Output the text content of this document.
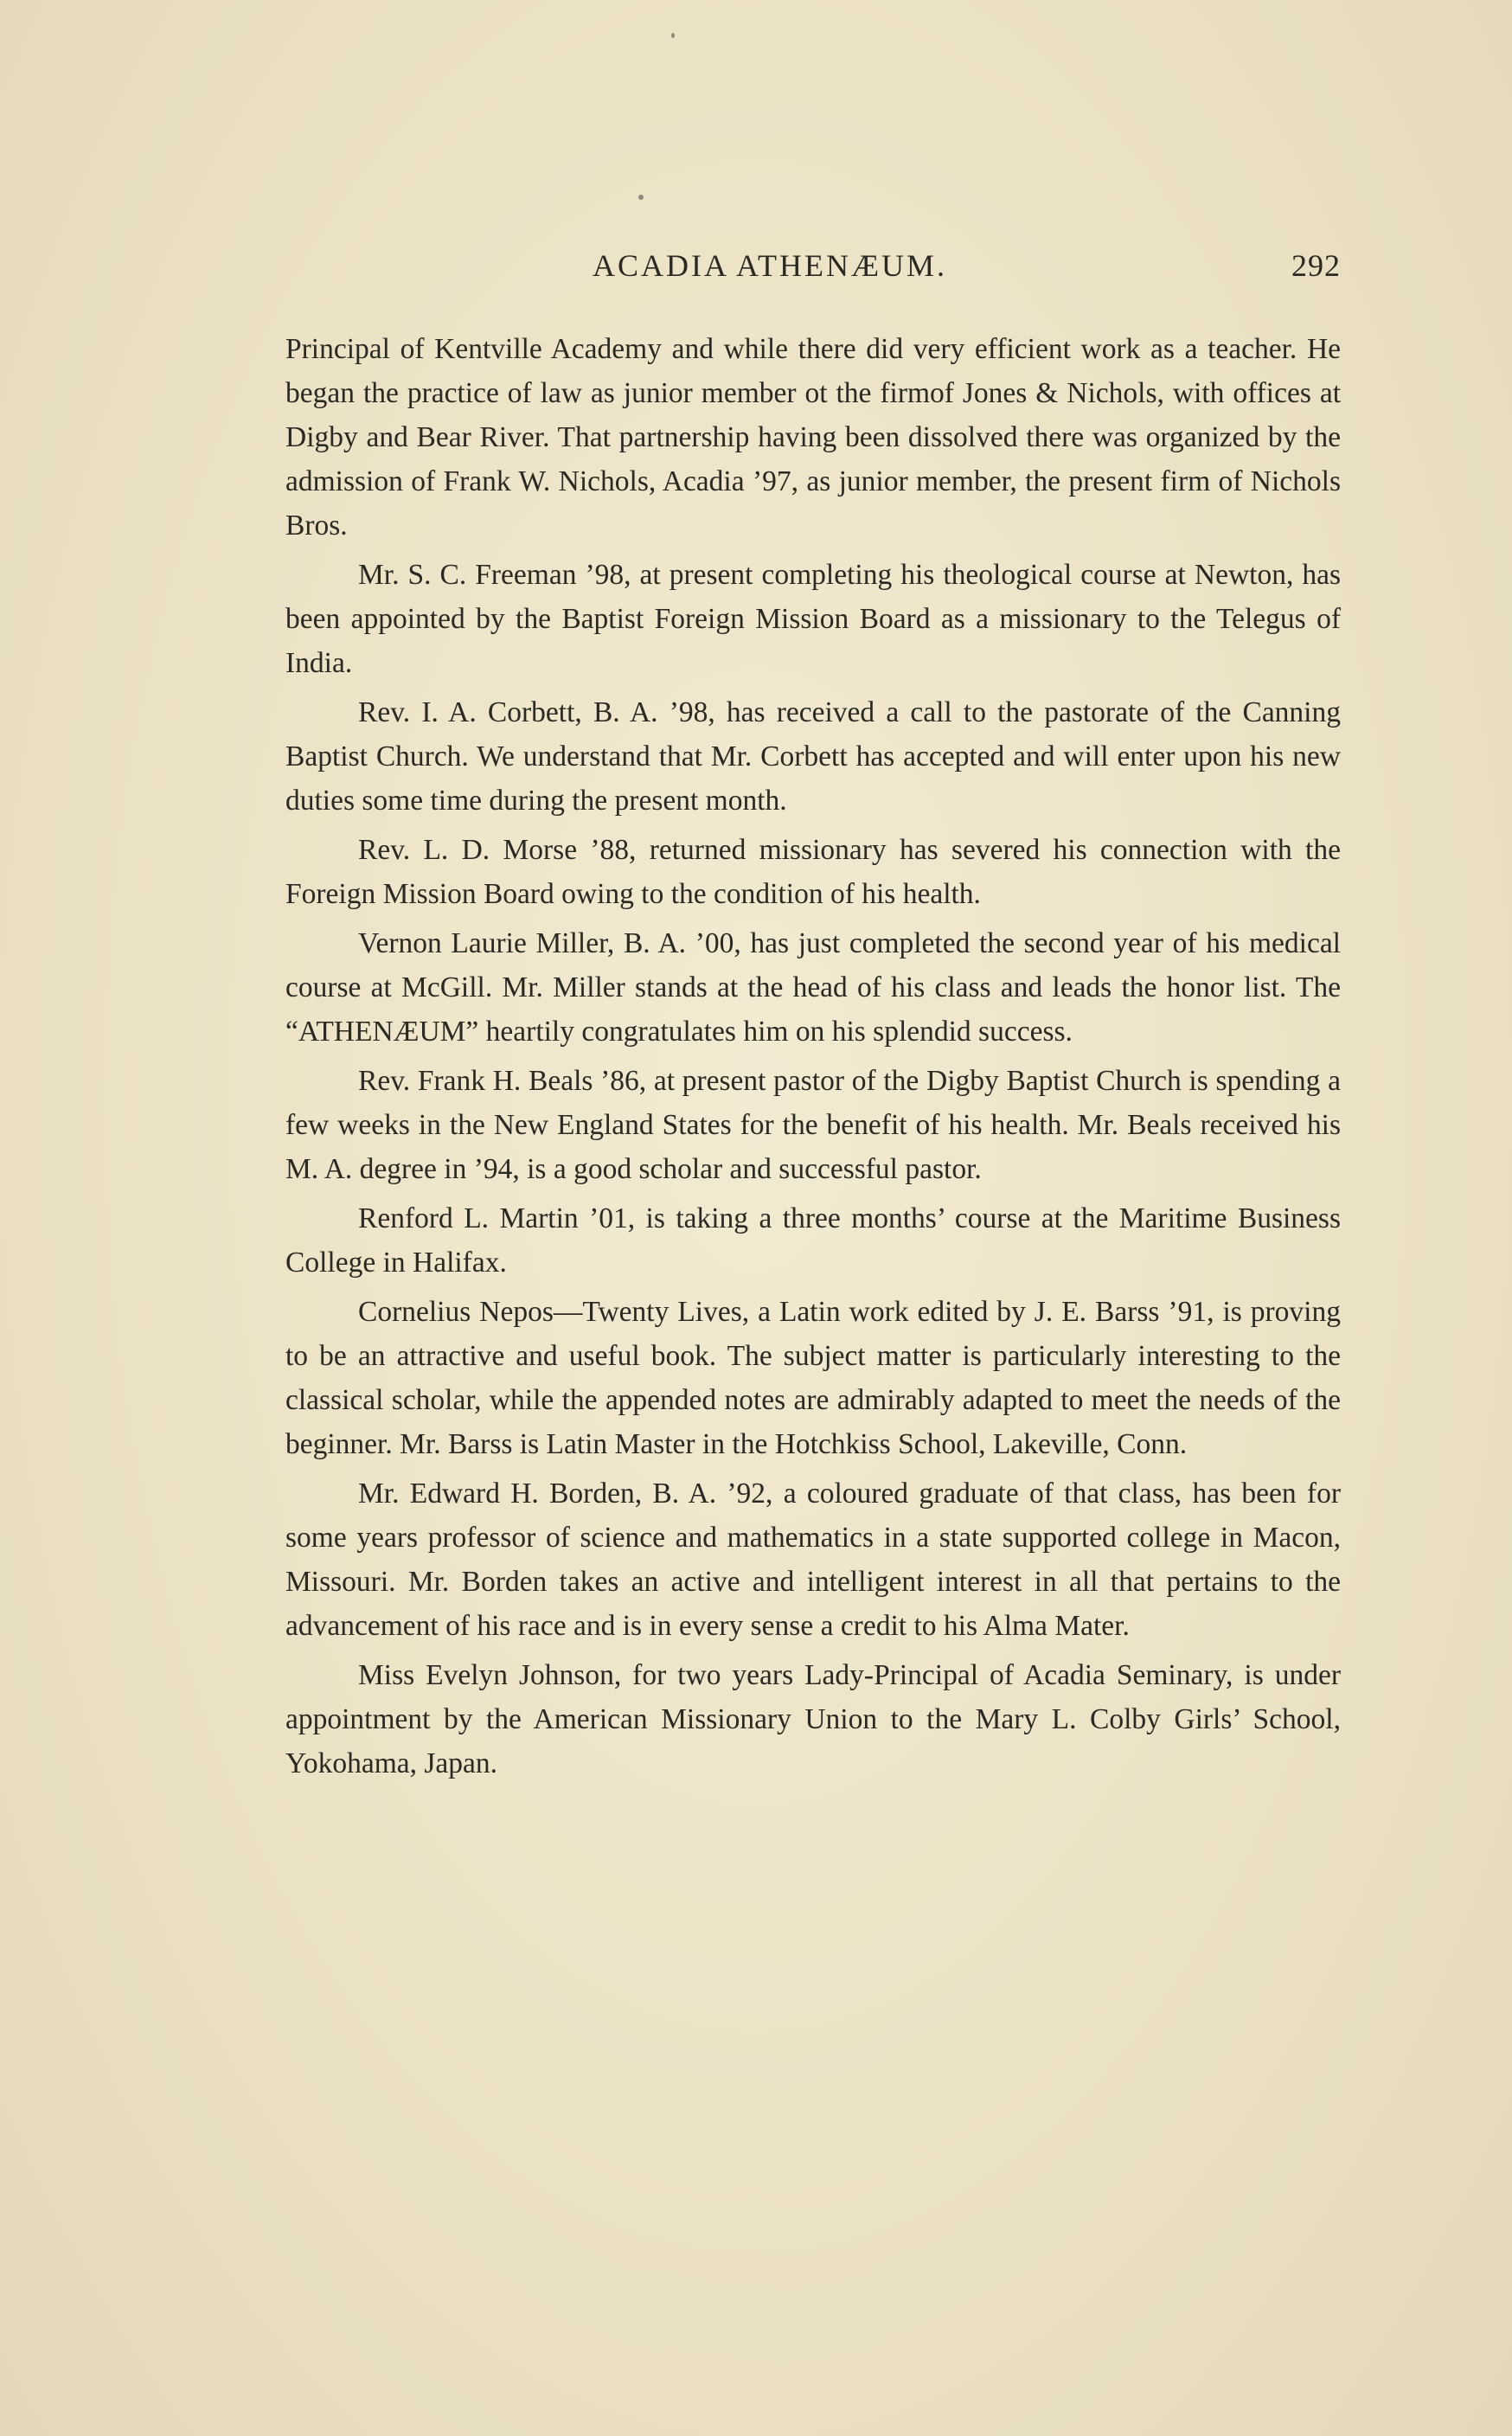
ACADIA ATHENÆUM.	292

Principal of Kentville Academy and while there did very efficient work as a teacher. He began the practice of law as junior member ot the firmof Jones & Nichols, with offices at Digby and Bear River. That partnership having been dissolved there was organized by the admission of Frank W. Nichols, Acadia ’97, as junior member, the present firm of Nichols Bros.

Mr. S. C. Freeman ’98, at present completing his theological course at Newton, has been appointed by the Baptist Foreign Mission Board as a missionary to the Telegus of India.

Rev. I. A. Corbett, B. A. ’98, has received a call to the pastorate of the Canning Baptist Church. We understand that Mr. Corbett has accepted and will enter upon his new duties some time during the present month.

Rev. L. D. Morse ’88, returned missionary has severed his connection with the Foreign Mission Board owing to the condition of his health.

Vernon Laurie Miller, B. A. ’00, has just completed the second year of his medical course at McGill. Mr. Miller stands at the head of his class and leads the honor list. The “ATHENÆUM” heartily congratulates him on his splendid success.

Rev. Frank H. Beals ’86, at present pastor of the Digby Baptist Church is spending a few weeks in the New England States for the benefit of his health. Mr. Beals received his M. A. degree in ’94, is a good scholar and successful pastor.

Renford L. Martin ’01, is taking a three months’ course at the Maritime Business College in Halifax.

Cornelius Nepos—Twenty Lives, a Latin work edited by J. E. Barss ’91, is proving to be an attractive and useful book. The subject matter is particularly interesting to the classical scholar, while the appended notes are admirably adapted to meet the needs of the beginner. Mr. Barss is Latin Master in the Hotchkiss School, Lakeville, Conn.

Mr. Edward H. Borden, B. A. ’92, a coloured graduate of that class, has been for some years professor of science and mathematics in a state supported college in Macon, Missouri. Mr. Borden takes an active and intelligent interest in all that pertains to the advancement of his race and is in every sense a credit to his Alma Mater.

Miss Evelyn Johnson, for two years Lady-Principal of Acadia Seminary, is under appointment by the American Missionary Union to the Mary L. Colby Girls’ School, Yokohama, Japan.
